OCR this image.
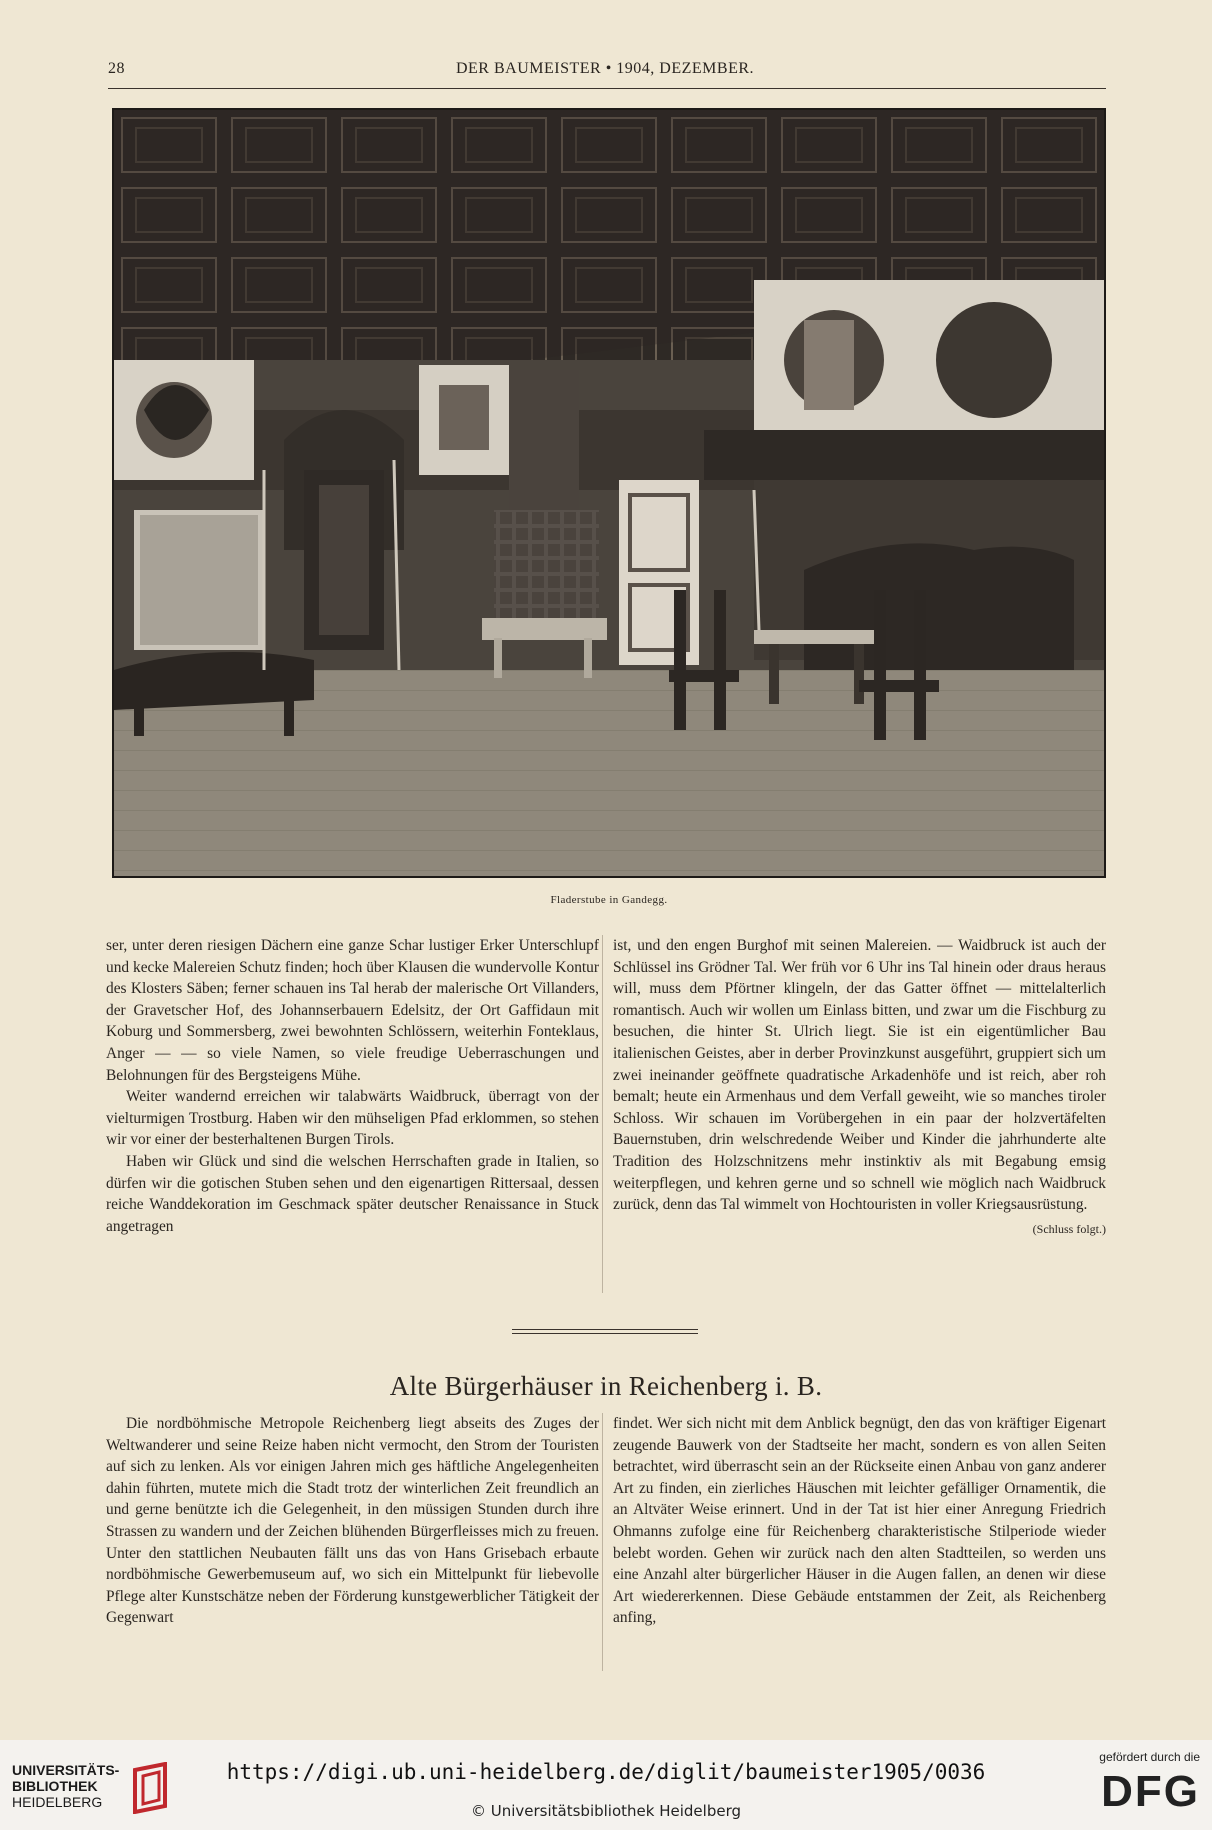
28	DER BAUMEISTER • 1904, DEZEMBER.
Fladerstube in Gandegg.

ser, unter deren riesigen Dächern eine ganze Schar lustiger Erker Unterschlupf und kecke Malereien Schutz finden; hoch über Klausen die wundervolle Kontur des Klosters Säben; ferner schauen ins Tal herab der malerische Ort Villanders, der Gravetscher Hof, des Johannserbauern Edelsitz, der Ort Gaffidaun mit Koburg und Sommersberg, zwei bewohnten Schlössern, weiterhin Fonteklaus, Anger — — so viele Namen, so viele freudige Ueberraschungen und Belohnungen für des Bergsteigens Mühe.

Weiter wandernd erreichen wir talabwärts Waidbruck, überragt von der vielturmigen Trostburg. Haben wir den mühseligen Pfad erklommen, so stehen wir vor einer der besterhaltenen Burgen Tirols.

Haben wir Glück und sind die welschen Herrschaften grade in Italien, so dürfen wir die gotischen Stuben sehen und den eigenartigen Rittersaal, dessen reiche Wanddekoration im Geschmack später deutscher Renaissance in Stuck angetragen

ist, und den engen Burghof mit seinen Malereien. — Waidbruck ist auch der Schlüssel ins Grödner Tal. Wer früh vor 6 Uhr ins Tal hinein oder draus heraus will, muss dem Pförtner klingeln, der das Gatter öffnet — mittelalterlich romantisch. Auch wir wollen um Einlass bitten, und zwar um die Fischburg zu besuchen, die hinter St. Ulrich liegt. Sie ist ein eigentümlicher Bau italienischen Geistes, aber in derber Provinzkunst ausgeführt, gruppiert sich um zwei ineinander geöffnete quadratische Arkadenhöfe und ist reich, aber roh bemalt; heute ein Armenhaus und dem Verfall geweiht, wie so manches tiroler Schloss. Wir schauen im Vorübergehen in ein paar der holzvertäfelten Bauernstuben, drin welschredende Weiber und Kinder die jahrhunderte alte Tradition des Holzschnitzens mehr instinktiv als mit Begabung emsig weiterpflegen, und kehren gerne und so schnell wie möglich nach Waidbruck zurück, denn das Tal wimmelt von Hochtouristen in voller Kriegsausrüstung.
(Schluss folgt.)

Alte Bürgerhäuser in Reichenberg i. B.

Die nordböhmische Metropole Reichenberg liegt abseits des Zuges der Weltwanderer und seine Reize haben nicht vermocht, den Strom der Touristen auf sich zu lenken. Als vor einigen Jahren mich ges häftliche Angelegenheiten dahin führten, mutete mich die Stadt trotz der winterlichen Zeit freundlich an und gerne benützte ich die Gelegenheit, in den müssigen Stunden durch ihre Strassen zu wandern und der Zeichen blühenden Bürgerfleisses mich zu freuen. Unter den stattlichen Neubauten fällt uns das von Hans Grisebach erbaute nordböhmische Gewerbemuseum auf, wo sich ein Mittelpunkt für liebevolle Pflege alter Kunstschätze neben der Förderung kunstgewerblicher Tätigkeit der Gegenwart

findet. Wer sich nicht mit dem Anblick begnügt, den das von kräftiger Eigenart zeugende Bauwerk von der Stadtseite her macht, sondern es von allen Seiten betrachtet, wird überrascht sein an der Rückseite einen Anbau von ganz anderer Art zu finden, ein zierliches Häuschen mit leichter gefälliger Ornamentik, die an Altväter Weise erinnert. Und in der Tat ist hier einer Anregung Friedrich Ohmanns zufolge eine für Reichenberg charakteristische Stilperiode wieder belebt worden. Gehen wir zurück nach den alten Stadtteilen, so werden uns eine Anzahl alter bürgerlicher Häuser in die Augen fallen, an denen wir diese Art wiedererkennen. Diese Gebäude entstammen der Zeit, als Reichenberg anfing,

UNIVERSITÄTS-
BIBLIOTHEK
HEIDELBERG
https://digi.ub.uni-heidelberg.de/diglit/baumeister1905/0036
© Universitätsbibliothek Heidelberg
gefördert durch die
DFG
